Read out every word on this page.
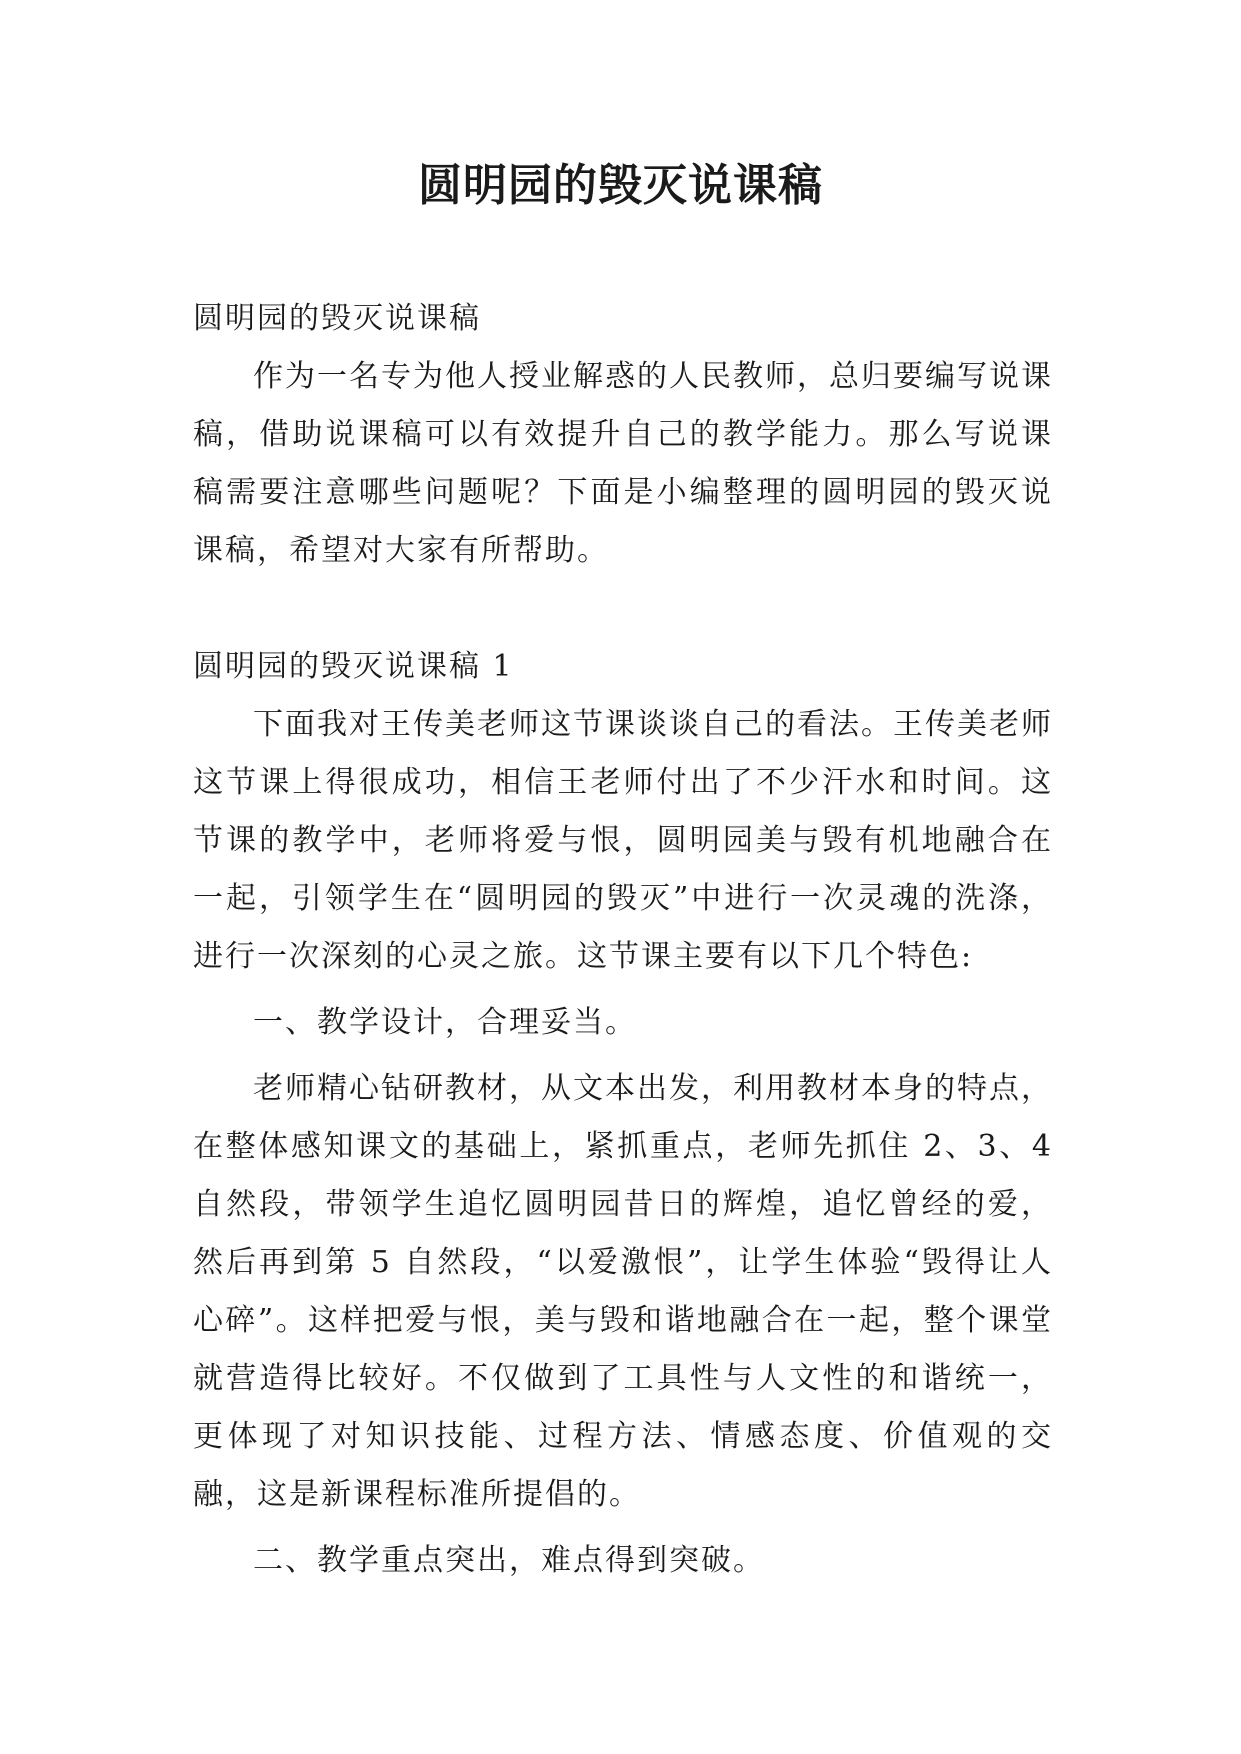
圆明园的毁灭说课稿

圆明园的毁灭说课稿

作为一名专为他人授业解惑的人民教师，总归要编写说课稿，借助说课稿可以有效提升自己的教学能力。那么写说课稿需要注意哪些问题呢？下面是小编整理的圆明园的毁灭说课稿，希望对大家有所帮助。

圆明园的毁灭说课稿 1

下面我对王传美老师这节课谈谈自己的看法。王传美老师这节课上得很成功，相信王老师付出了不少汗水和时间。这节课的教学中，老师将爱与恨，圆明园美与毁有机地融合在一起，引领学生在“圆明园的毁灭”中进行一次灵魂的洗涤，进行一次深刻的心灵之旅。这节课主要有以下几个特色:

一、教学设计，合理妥当。

老师精心钻研教材，从文本出发，利用教材本身的特点，在整体感知课文的基础上，紧抓重点，老师先抓住 2、3、4 自然段，带领学生追忆圆明园昔日的辉煌，追忆曾经的爱，然后再到第 5 自然段，“以爱激恨”，让学生体验“毁得让人心碎”。这样把爱与恨，美与毁和谐地融合在一起，整个课堂就营造得比较好。不仅做到了工具性与人文性的和谐统一，更体现了对知识技能、过程方法、情感态度、价值观的交融，这是新课程标准所提倡的。

二、教学重点突出，难点得到突破。
